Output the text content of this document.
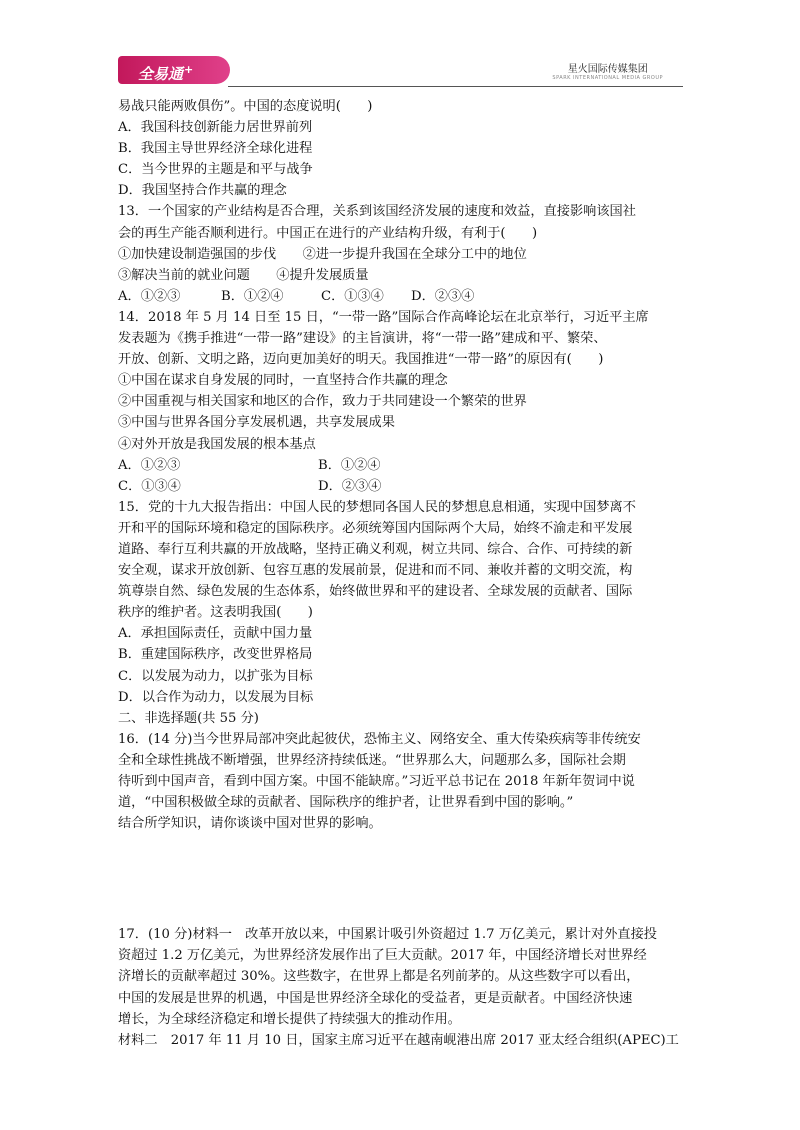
全易通+	星火国际传媒集团
SPARK INTERNATIONAL MEDIA GROUP
易战只能两败俱伤”。中国的态度说明(　　)
A．我国科技创新能力居世界前列
B．我国主导世界经济全球化进程
C．当今世界的主题是和平与战争
D．我国坚持合作共赢的理念
13．一个国家的产业结构是否合理，关系到该国经济发展的速度和效益，直接影响该国社
会的再生产能否顺利进行。中国正在进行的产业结构升级，有利于(　　)
①加快建设制造强国的步伐　　②进一步提升我国在全球分工中的地位
③解决当前的就业问题　　④提升发展质量
A．①②③	B．①②④	C．①③④ D．②③④
14．2018 年 5 月 14 日至 15 日，“一带一路”国际合作高峰论坛在北京举行，习近平主席
发表题为《携手推进“一带一路”建设》的主旨演讲，将“一带一路”建成和平、繁荣、
开放、创新、文明之路，迈向更加美好的明天。我国推进“一带一路”的原因有(　　)
①中国在谋求自身发展的同时，一直坚持合作共赢的理念
②中国重视与相关国家和地区的合作，致力于共同建设一个繁荣的世界
③中国与世界各国分享发展机遇，共享发展成果
④对外开放是我国发展的根本基点
A．①②③	B．①②④
C．①③④	D．②③④
15．党的十九大报告指出：中国人民的梦想同各国人民的梦想息息相通，实现中国梦离不
开和平的国际环境和稳定的国际秩序。必须统筹国内国际两个大局，始终不渝走和平发展
道路、奉行互利共赢的开放战略，坚持正确义利观，树立共同、综合、合作、可持续的新
安全观，谋求开放创新、包容互惠的发展前景，促进和而不同、兼收并蓄的文明交流，构
筑尊崇自然、绿色发展的生态体系，始终做世界和平的建设者、全球发展的贡献者、国际
秩序的维护者。这表明我国(　　)
A．承担国际责任，贡献中国力量
B．重建国际秩序，改变世界格局
C．以发展为动力，以扩张为目标
D．以合作为动力，以发展为目标
二、非选择题(共 55 分)
16．(14 分)当今世界局部冲突此起彼伏，恐怖主义、网络安全、重大传染疾病等非传统安
全和全球性挑战不断增强，世界经济持续低迷。“世界那么大，问题那么多，国际社会期
待听到中国声音，看到中国方案。中国不能缺席。”习近平总书记在 2018 年新年贺词中说
道，“中国积极做全球的贡献者、国际秩序的维护者，让世界看到中国的影响。”
结合所学知识，请你谈谈中国对世界的影响。
17．(10 分)材料一　改革开放以来，中国累计吸引外资超过 1.7 万亿美元，累计对外直接投
资超过 1.2 万亿美元，为世界经济发展作出了巨大贡献。2017 年，中国经济增长对世界经
济增长的贡献率超过 30%。这些数字，在世界上都是名列前茅的。从这些数字可以看出，
中国的发展是世界的机遇，中国是世界经济全球化的受益者，更是贡献者。中国经济快速
增长，为全球经济稳定和增长提供了持续强大的推动作用。
材料二　2017 年 11 月 10 日，国家主席习近平在越南岘港出席 2017 亚太经合组织(APEC)工
